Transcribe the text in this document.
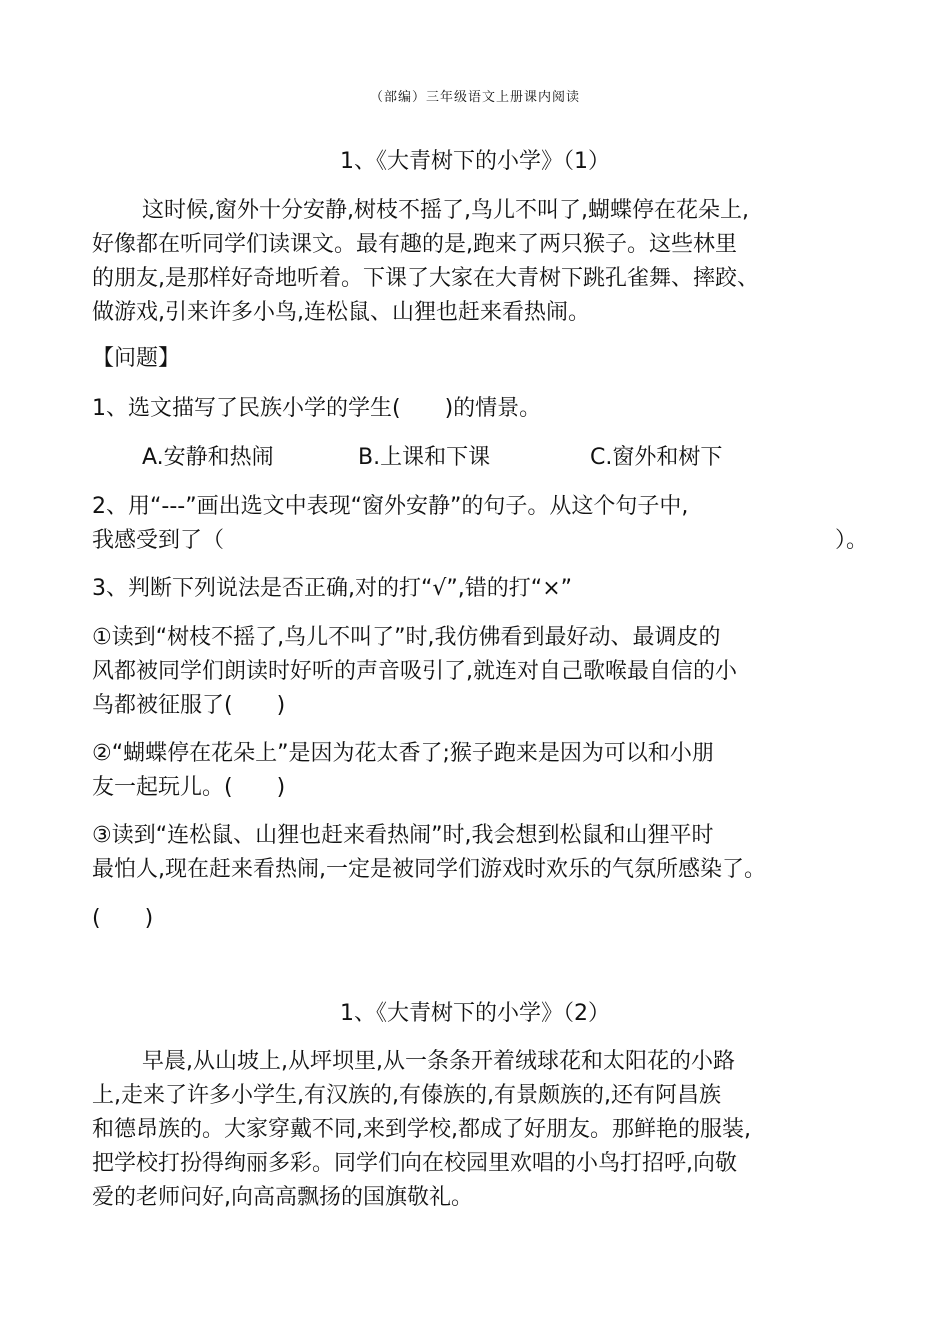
（部编）三年级语文上册课内阅读
1、《大青树下的小学》（1）
这时候,窗外十分安静,树枝不摇了,鸟儿不叫了,蝴蝶停在花朵上,
好像都在听同学们读课文。最有趣的是,跑来了两只猴子。这些林里
的朋友,是那样好奇地听着。下课了大家在大青树下跳孔雀舞、摔跤、
做游戏,引来许多小鸟,连松鼠、山狸也赶来看热闹。
【问题】
1、选文描写了民族小学的学生(　　)的情景。
A.安静和热闹	B.上课和下课	C.窗外和树下
2、用“---”画出选文中表现“窗外安静”的句子。从这个句子中,
我感受到了（	）。
3、判断下列说法是否正确,对的打“√”,错的打“×”
①读到“树枝不摇了,鸟儿不叫了”时,我仿佛看到最好动、最调皮的
风都被同学们朗读时好听的声音吸引了,就连对自己歌喉最自信的小
鸟都被征服了(　　)
②“蝴蝶停在花朵上”是因为花太香了;猴子跑来是因为可以和小朋
友一起玩儿。(　　)
③读到“连松鼠、山狸也赶来看热闹”时,我会想到松鼠和山狸平时
最怕人,现在赶来看热闹,一定是被同学们游戏时欢乐的气氛所感染了。
(　　)
1、《大青树下的小学》（2）
早晨,从山坡上,从坪坝里,从一条条开着绒球花和太阳花的小路
上,走来了许多小学生,有汉族的,有傣族的,有景颇族的,还有阿昌族
和德昂族的。大家穿戴不同,来到学校,都成了好朋友。那鲜艳的服装,
把学校打扮得绚丽多彩。同学们向在校园里欢唱的小鸟打招呼,向敬
爱的老师问好,向高高飘扬的国旗敬礼。
